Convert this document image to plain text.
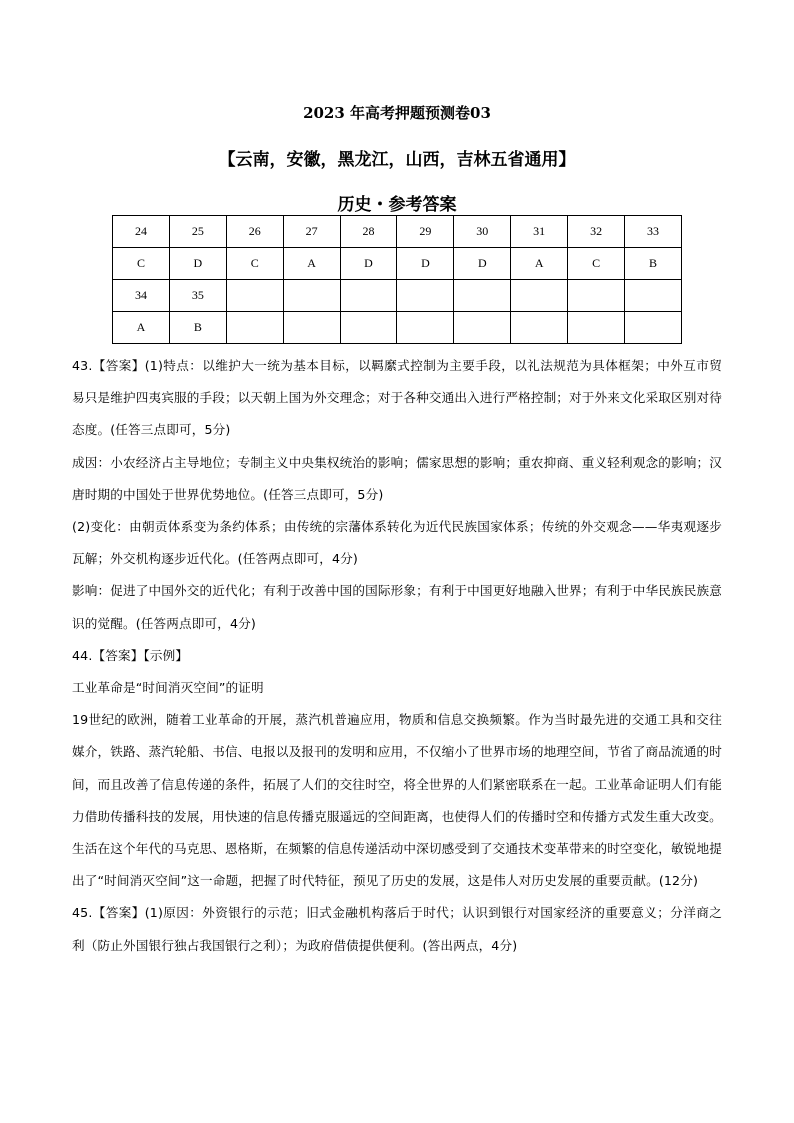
2023 年高考押题预测卷03
【云南，安徽，黑龙江，山西，吉林五省通用】
历史・参考答案
24	25	26	27	28	29	30	31	32	33
C	D	C	A	D	D	D	A	C	B
34	35								
A	B								

43.【答案】(1)特点：以维护大一统为基本目标，以羁縻式控制为主要手段，以礼法规范为具体框架；中外互市贸易只是维护四夷宾服的手段；以天朝上国为外交理念；对于各种交通出入进行严格控制；对于外来文化采取区别对待态度。(任答三点即可，5分)

成因：小农经济占主导地位；专制主义中央集权统治的影响；儒家思想的影响；重农抑商、重义轻利观念的影响；汉唐时期的中国处于世界优势地位。(任答三点即可，5分)

(2)变化：由朝贡体系变为条约体系；由传统的宗藩体系转化为近代民族国家体系；传统的外交观念——华夷观逐步瓦解；外交机构逐步近代化。(任答两点即可，4分)

影响：促进了中国外交的近代化；有利于改善中国的国际形象；有利于中国更好地融入世界；有利于中华民族民族意识的觉醒。(任答两点即可，4分)

44.【答案】【示例】

工业革命是“时间消灭空间”的证明

19世纪的欧洲，随着工业革命的开展，蒸汽机普遍应用，物质和信息交换频繁。作为当时最先进的交通工具和交往媒介，铁路、蒸汽轮船、书信、电报以及报刊的发明和应用，不仅缩小了世界市场的地理空间，节省了商品流通的时间，而且改善了信息传递的条件，拓展了人们的交往时空，将全世界的人们紧密联系在一起。工业革命证明人们有能力借助传播科技的发展，用快速的信息传播克服遥远的空间距离，也使得人们的传播时空和传播方式发生重大改变。

生活在这个年代的马克思、恩格斯，在频繁的信息传递活动中深切感受到了交通技术变革带来的时空变化，敏锐地提出了“时间消灭空间”这一命题，把握了时代特征，预见了历史的发展，这是伟人对历史发展的重要贡献。(12分)

45.【答案】(1)原因：外资银行的示范；旧式金融机构落后于时代；认识到银行对国家经济的重要意义；分洋商之利（防止外国银行独占我国银行之利）；为政府借债提供便利。(答出两点，4分)
